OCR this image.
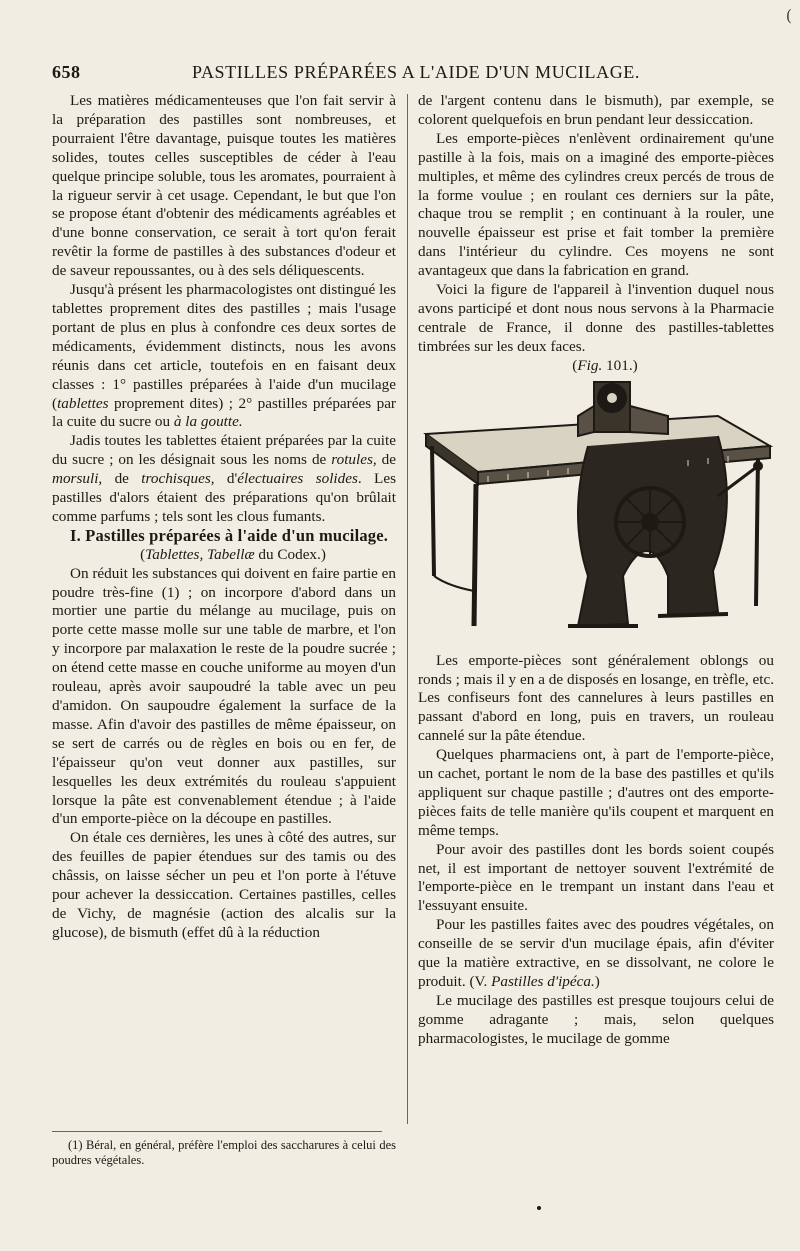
(
658	PASTILLES PRÉPARÉES A L'AIDE D'UN MUCILAGE.

Les matières médicamenteuses que l'on fait servir à la préparation des pastilles sont nombreuses, et pourraient l'être davantage, puisque toutes les matières solides, toutes celles susceptibles de céder à l'eau quelque principe soluble, tous les aromates, pourraient à la rigueur servir à cet usage. Cependant, le but que l'on se propose étant d'obtenir des médicaments agréables et d'une bonne conservation, ce serait à tort qu'on ferait revêtir la forme de pastilles à des substances d'odeur et de saveur repoussantes, ou à des sels déliquescents.

Jusqu'à présent les pharmacologistes ont distingué les tablettes proprement dites des pastilles ; mais l'usage portant de plus en plus à confondre ces deux sortes de médicaments, évidemment distincts, nous les avons réunis dans cet article, toutefois en en faisant deux classes : 1° pastilles préparées à l'aide d'un mucilage (tablettes proprement dites) ; 2° pastilles préparées par la cuite du sucre ou à la goutte.

Jadis toutes les tablettes étaient préparées par la cuite du sucre ; on les désignait sous les noms de rotules, de morsuli, de trochisques, d'électuaires solides. Les pastilles d'alors étaient des préparations qu'on brûlait comme parfums ; tels sont les clous fumants.

I. Pastilles préparées à l'aide d'un mucilage.

(Tablettes, Tabellæ du Codex.)

On réduit les substances qui doivent en faire partie en poudre très-fine (1) ; on incorpore d'abord dans un mortier une partie du mélange au mucilage, puis on porte cette masse molle sur une table de marbre, et l'on y incorpore par malaxation le reste de la poudre sucrée ; on étend cette masse en couche uniforme au moyen d'un rouleau, après avoir saupoudré la table avec un peu d'amidon. On saupoudre également la surface de la masse. Afin d'avoir des pastilles de même épaisseur, on se sert de carrés ou de règles en bois ou en fer, de l'épaisseur qu'on veut donner aux pastilles, sur lesquelles les deux extrémités du rouleau s'appuient lorsque la pâte est convenablement étendue ; à l'aide d'un emporte-pièce on la découpe en pastilles.

On étale ces dernières, les unes à côté des autres, sur des feuilles de papier étendues sur des tamis ou des châssis, on laisse sécher un peu et l'on porte à l'étuve pour achever la dessiccation. Certaines pastilles, celles de Vichy, de magnésie (action des alcalis sur la glucose), de bismuth (effet dû à la réduction

de l'argent contenu dans le bismuth), par exemple, se colorent quelquefois en brun pendant leur dessiccation.

Les emporte-pièces n'enlèvent ordinairement qu'une pastille à la fois, mais on a imaginé des emporte-pièces multiples, et même des cylindres creux percés de trous de la forme voulue ; en roulant ces derniers sur la pâte, chaque trou se remplit ; en continuant à la rouler, une nouvelle épaisseur est prise et fait tomber la première dans l'intérieur du cylindre. Ces moyens ne sont avantageux que dans la fabrication en grand.

Voici la figure de l'appareil à l'invention duquel nous avons participé et dont nous nous servons à la Pharmacie centrale de France, il donne des pastilles-tablettes timbrées sur les deux faces.

(Fig. 101.)

Les emporte-pièces sont généralement oblongs ou ronds ; mais il y en a de disposés en losange, en trèfle, etc. Les confiseurs font des cannelures à leurs pastilles en passant d'abord en long, puis en travers, un rouleau cannelé sur la pâte étendue.

Quelques pharmaciens ont, à part de l'emporte-pièce, un cachet, portant le nom de la base des pastilles et qu'ils appliquent sur chaque pastille ; d'autres ont des emporte-pièces faits de telle manière qu'ils coupent et marquent en même temps.

Pour avoir des pastilles dont les bords soient coupés net, il est important de nettoyer souvent l'extrémité de l'emporte-pièce en le trempant un instant dans l'eau et l'essuyant ensuite.

Pour les pastilles faites avec des poudres végétales, on conseille de se servir d'un mucilage épais, afin d'éviter que la matière extractive, en se dissolvant, ne colore le produit. (V. Pastilles d'ipéca.)

Le mucilage des pastilles est presque toujours celui de gomme adragante ; mais, selon quelques pharmacologistes, le mucilage de gomme

(1) Béral, en général, préfère l'emploi des saccharures à celui des poudres végétales.
